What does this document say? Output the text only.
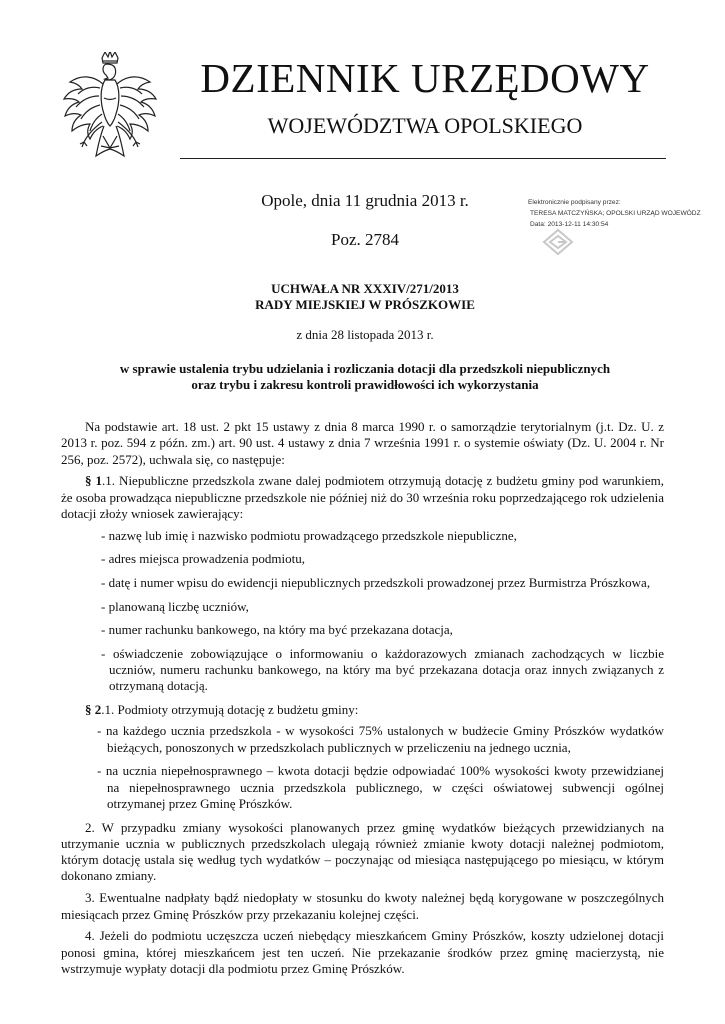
DZIENNIK URZĘDOWY
WOJEWÓDZTWA OPOLSKIEGO
Opole, dnia 11 grudnia 2013 r.
Poz. 2784
Elektronicznie podpisany przez:
TERESA MATCZYŃSKA; OPOLSKI URZĄD WOJEWÓDZ
Data: 2013-12-11 14:30:54
UCHWAŁA NR XXXIV/271/2013
RADY MIEJSKIEJ W PRÓSZKOWIE
z dnia 28 listopada 2013 r.
w sprawie ustalenia trybu udzielania i rozliczania dotacji dla przedszkoli niepublicznych
oraz trybu i zakresu kontroli prawidłowości ich wykorzystania

Na podstawie art. 18 ust. 2 pkt 15 ustawy z dnia 8 marca 1990 r. o samorządzie terytorialnym (j.t. Dz. U. z 2013 r. poz. 594 z późn. zm.) art. 90 ust. 4 ustawy z dnia 7 września 1991 r. o systemie oświaty (Dz. U. 2004 r. Nr 256, poz. 2572), uchwala się, co następuje:

§ 1.1. Niepubliczne przedszkola zwane dalej podmiotem otrzymują dotację z budżetu gminy pod warunkiem, że osoba prowadząca niepubliczne przedszkole nie później niż do 30 września roku poprzedzającego rok udzielenia dotacji złoży wniosek zawierający:

- nazwę lub imię i nazwisko podmiotu prowadzącego przedszkole niepubliczne,
- adres miejsca prowadzenia podmiotu,
- datę i numer wpisu do ewidencji niepublicznych przedszkoli prowadzonej przez Burmistrza Prószkowa,
- planowaną liczbę uczniów,
- numer rachunku bankowego, na który ma być przekazana dotacja,
- oświadczenie zobowiązujące o informowaniu o każdorazowych zmianach zachodzących w liczbie uczniów, numeru rachunku bankowego, na który ma być przekazana dotacja oraz innych związanych z otrzymaną dotacją.

§ 2.1. Podmioty otrzymują dotację z budżetu gminy:

- na każdego ucznia przedszkola - w wysokości 75% ustalonych w budżecie Gminy Prószków wydatków bieżących, ponoszonych w przedszkolach publicznych w przeliczeniu na jednego ucznia,
- na ucznia niepełnosprawnego – kwota dotacji będzie odpowiadać 100% wysokości kwoty przewidzianej na niepełnosprawnego ucznia przedszkola publicznego, w części oświatowej subwencji ogólnej otrzymanej przez Gminę Prószków.

2. W przypadku zmiany wysokości planowanych przez gminę wydatków bieżących przewidzianych na utrzymanie ucznia w publicznych przedszkolach ulegają również zmianie kwoty dotacji należnej podmiotom, którym dotację ustala się według tych wydatków – poczynając od miesiąca następującego po miesiącu, w którym dokonano zmiany.

3. Ewentualne nadpłaty bądź niedopłaty w stosunku do kwoty należnej będą korygowane w poszczególnych miesiącach przez Gminę Prószków przy przekazaniu kolejnej części.

4. Jeżeli do podmiotu uczęszcza uczeń niebędący mieszkańcem Gminy Prószków, koszty udzielonej dotacji ponosi gmina, której mieszkańcem jest ten uczeń. Nie przekazanie środków przez gminę macierzystą, nie wstrzymuje wypłaty dotacji dla podmiotu przez Gminę Prószków.
